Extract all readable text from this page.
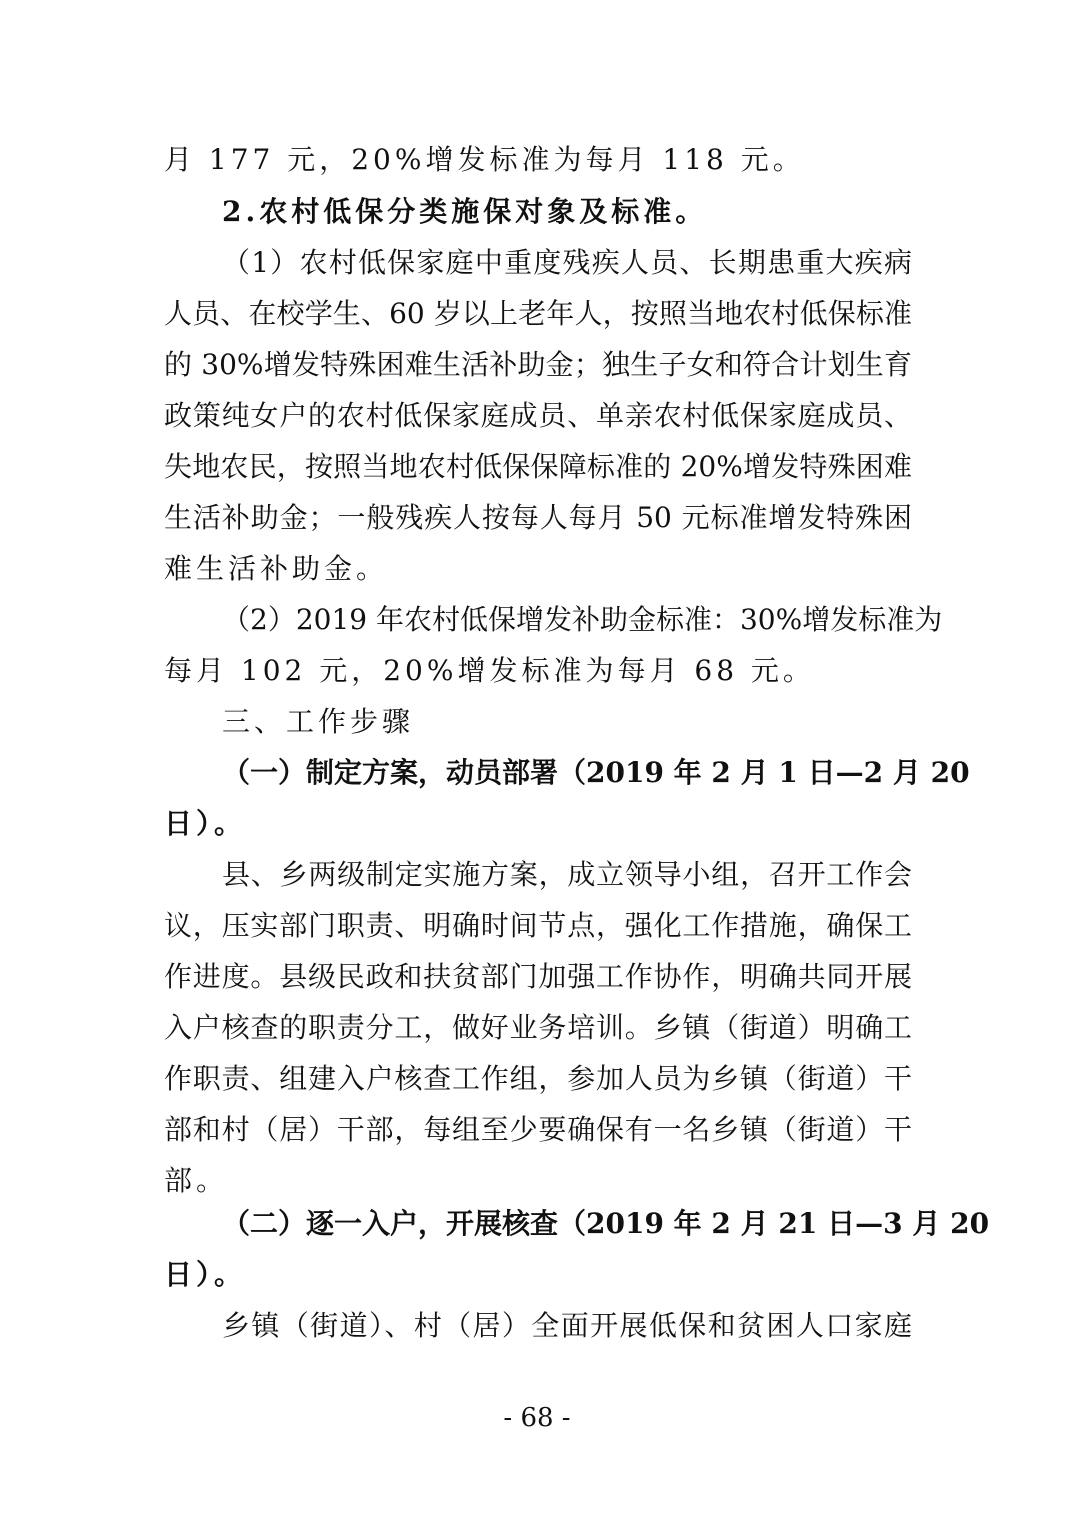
月 177 元，20%增发标准为每月 118 元。
2.农村低保分类施保对象及标准。
（1）农村低保家庭中重度残疾人员、长期患重大疾病
人员、在校学生、60 岁以上老年人，按照当地农村低保标准
的 30%增发特殊困难生活补助金；独生子女和符合计划生育
政策纯女户的农村低保家庭成员、单亲农村低保家庭成员、
失地农民，按照当地农村低保保障标准的 20%增发特殊困难
生活补助金；一般残疾人按每人每月 50 元标准增发特殊困
难生活补助金。
（2）2019 年农村低保增发补助金标准：30%增发标准为
每月 102 元，20%增发标准为每月 68 元。
三、工作步骤
（一）制定方案，动员部署（2019 年 2 月 1 日—2 月 20
日）。
县、乡两级制定实施方案，成立领导小组，召开工作会
议，压实部门职责、明确时间节点，强化工作措施，确保工
作进度。县级民政和扶贫部门加强工作协作，明确共同开展
入户核查的职责分工，做好业务培训。乡镇（街道）明确工
作职责、组建入户核查工作组，参加人员为乡镇（街道）干
部和村（居）干部，每组至少要确保有一名乡镇（街道）干
部。
（二）逐一入户，开展核查（2019 年 2 月 21 日—3 月 20
日）。
乡镇（街道）、村（居）全面开展低保和贫困人口家庭
- 68 -
